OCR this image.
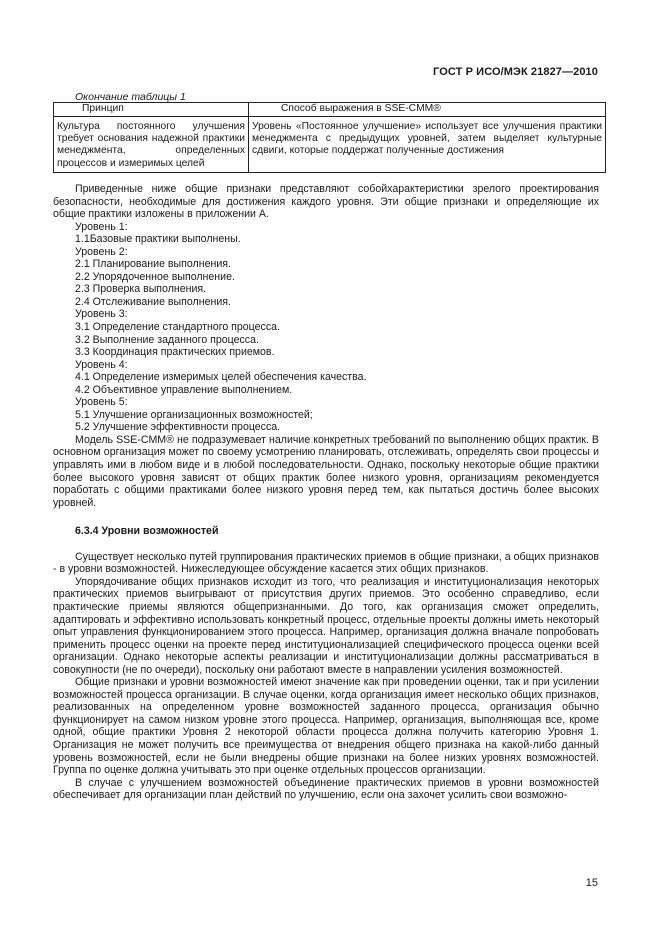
ГОСТ Р ИСО/МЭК 21827—2010
Окончание таблицы 1
Принцип	Способ выражения в SSE-CMM®
Культура постоянного улучшения требует основания надежной практики менеджмента, определенных процессов и измеримых целей	Уровень «Постоянное улучшение» использует все улучшения практики менеджмента с предыдущих уровней, затем выделяет культурные сдвиги, которые поддержат полученные достижения

Приведенные ниже общие признаки представляют собойхарактеристики зрелого проектирования безопасности, необходимые для достижения каждого уровня. Эти общие признаки и определяющие их общие практики изложены в приложении А.

Уровень 1:

1.1Базовые практики выполнены.

Уровень 2:

2.1 Планирование выполнения.

2.2 Упорядоченное выполнение.

2.3 Проверка выполнения.

2.4 Отслеживание выполнения.

Уровень 3:

3.1 Определение стандартного процесса.

3.2 Выполнение заданного процесса.

3.3 Координация практических приемов.

Уровень 4:

4.1 Определение измеримых целей обеспечения качества.

4.2 Объективное управление выполнением.

Уровень 5:

5.1 Улучшение организационных возможностей;

5.2 Улучшение эффективности процесса.

Модель SSE-CMM® не подразумевает наличие конкретных требований по выполнению общих практик. В основном организация может по своему усмотрению планировать, отслеживать, определять свои процессы и управлять ими в любом виде и в любой последовательности. Однако, поскольку некоторые общие практики более высокого уровня зависят от общих практик более низкого уровня, организациям рекомендуется поработать с общими практиками более низкого уровня перед тем, как пытаться достичь более высоких уровней.

6.3.4 Уровни возможностей

Существует несколько путей группирования практических приемов в общие признаки, а общих признаков - в уровни возможностей. Нижеследующее обсуждение касается этих общих признаков.

Упорядочивание общих признаков исходит из того, что реализация и институционализация некоторых практических приемов выигрывают от присутствия других приемов. Это особенно справедливо, если практические приемы являются общепризнанными. До того, как организация сможет определить, адаптировать и эффективно использовать конкретный процесс, отдельные проекты должны иметь некоторый опыт управления функционированием этого процесса. Например, организация должна вначале попробовать применить процесс оценки на проекте перед институционализацией специфического процесса оценки всей организации. Однако некоторые аспекты реализации и институционализации должны рассматриваться в совокупности (не по очереди), поскольку они работают вместе в направлении усиления возможностей.

Общие признаки и уровни возможностей имеют значение как при проведении оценки, так и при усилении возможностей процесса организации. В случае оценки, когда организация имеет несколько общих признаков, реализованных на определенном уровне возможностей заданного процесса, организация обычно функционирует на самом низком уровне этого процесса. Например, организация, выполняющая все, кроме одной, общие практики Уровня 2 некоторой области процесса должна получить категорию Уровня 1. Организация не может получить все преимущества от внедрения общего признака на какой-либо данный уровень возможностей, если не были внедрены общие признаки на более низких уровнях возможностей. Группа по оценке должна учитывать это при оценке отдельных процессов организации.

В случае с улучшением возможностей объединение практических приемов в уровни возможностей обеспечивает для организации план действий по улучшению, если она захочет усилить свои возможно-

15
